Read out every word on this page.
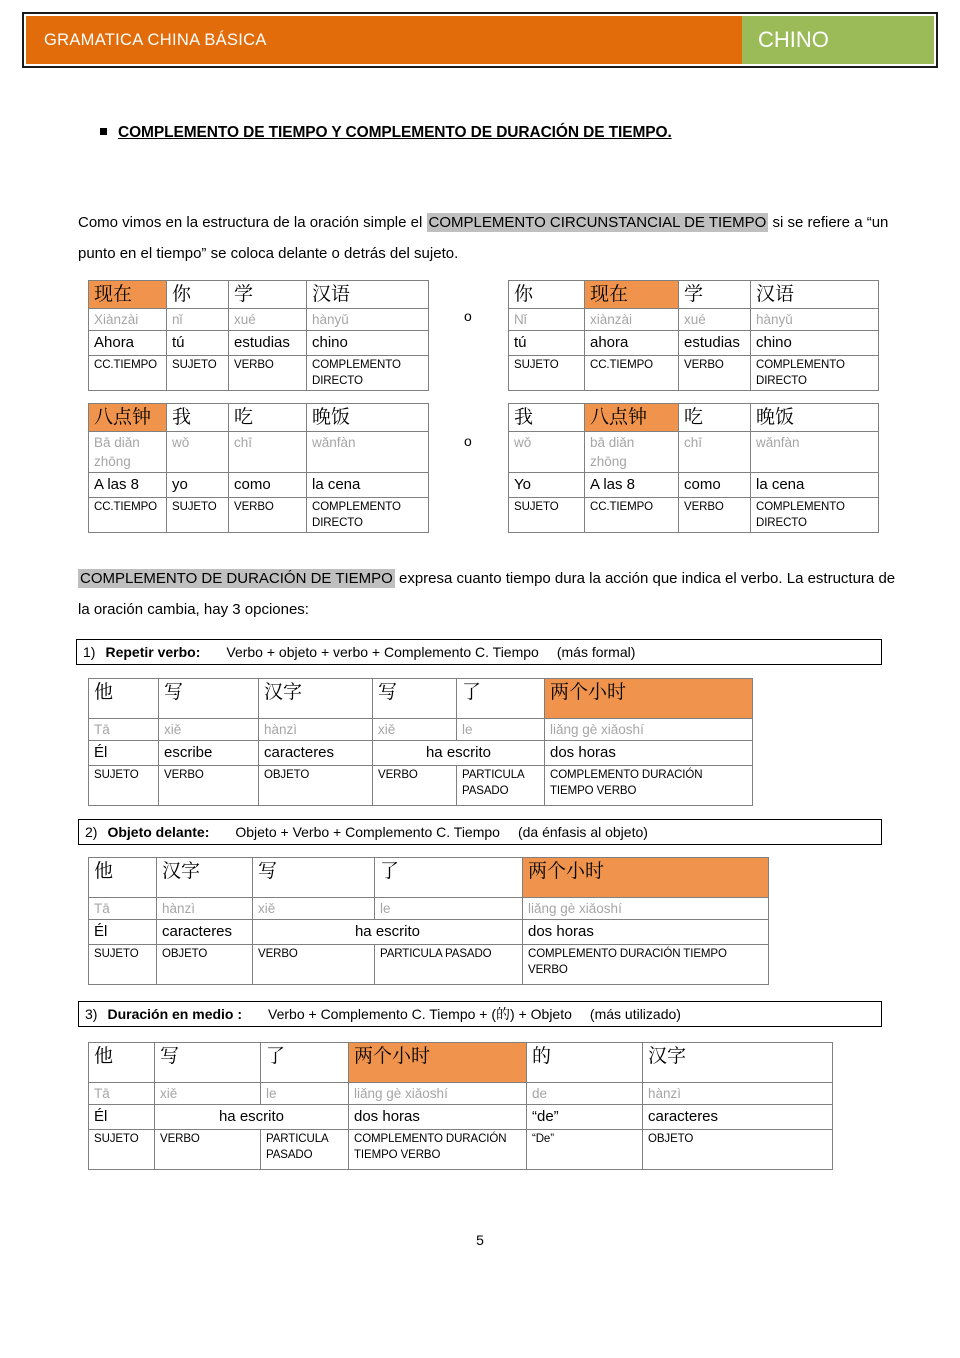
GRAMATICA CHINA BÁSICA	CHINO
COMPLEMENTO DE TIEMPO Y COMPLEMENTO DE DURACIÓN DE TIEMPO.
Como vimos en la estructura de la oración simple el COMPLEMENTO CIRCUNSTANCIAL DE TIEMPO si se refiere a “un punto en el tiempo” se coloca delante o detrás del sujeto.
现在	你	学	汉语
Xiànzài	nǐ	xué	hànyǔ
Ahora	tú	estudias	chino
CC.TIEMPO	SUJETO	VERBO	COMPLEMENTO DIRECTO
o
你	现在	学	汉语
Nǐ	xiànzài	xué	hànyǔ
tú	ahora	estudias	chino
SUJETO	CC.TIEMPO	VERBO	COMPLEMENTO DIRECTO
八点钟	我	吃	晚饭
Bā diǎn zhōng	wǒ	chī	wǎnfàn
A las 8	yo	como	la cena
CC.TIEMPO	SUJETO	VERBO	COMPLEMENTO DIRECTO
o
我	八点钟	吃	晚饭
wǒ	bā diǎn zhōng	chī	wǎnfàn
Yo	A las 8	como	la cena
SUJETO	CC.TIEMPO	VERBO	COMPLEMENTO DIRECTO
COMPLEMENTO DE DURACIÓN DE TIEMPO expresa cuanto tiempo dura la acción que indica el verbo. La estructura de la oración cambia, hay 3 opciones:
1) Repetir verbo:	Verbo + objeto + verbo + Complemento C. Tiempo	(más formal)
他	写	汉字	写	了	两个小时
Tā	xiě	hànzì	xiě	le	liǎng gè xiǎoshí
Él	escribe	caracteres	ha escrito		dos horas
SUJETO	VERBO	OBJETO	VERBO	PARTICULA PASADO	COMPLEMENTO DURACIÓN TIEMPO VERBO
2) Objeto delante:	Objeto + Verbo + Complemento C. Tiempo	(da énfasis al objeto)
他	汉字	写	了	两个小时
Tā	hànzì	xiě	le	liǎng gè xiǎoshí
Él	caracteres	ha escrito		dos horas
SUJETO	OBJETO	VERBO	PARTICULA PASADO	COMPLEMENTO DURACIÓN TIEMPO VERBO
3) Duración en medio :	Verbo + Complemento C. Tiempo + (的) + Objeto	(más utilizado)
他	写	了	两个小时	的	汉字
Tā	xiě	le	liǎng gè xiǎoshí	de	hànzì
Él	ha escrito		dos horas	“de”	caracteres
SUJETO	VERBO	PARTICULA PASADO	COMPLEMENTO DURACIÓN TIEMPO VERBO	“De”	OBJETO
5
